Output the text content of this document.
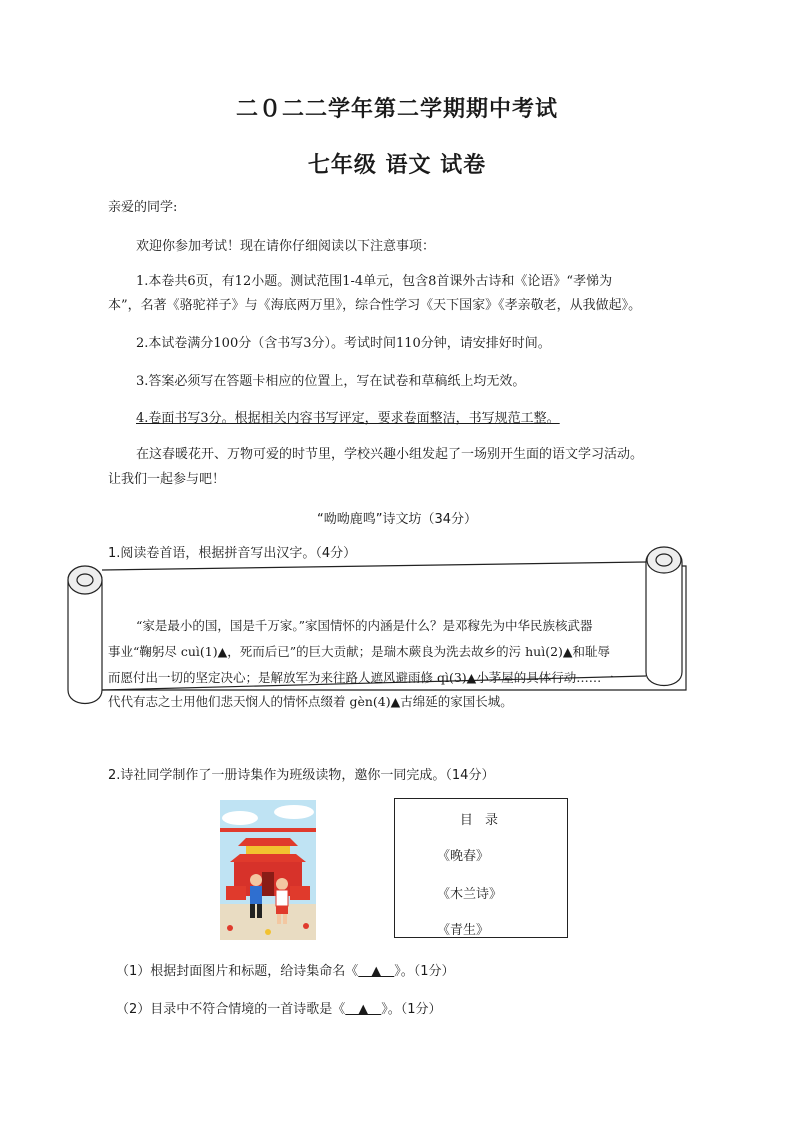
二０二二学年第二学期期中考试
七年级 语文 试卷
亲爱的同学:
欢迎你参加考试！现在请你仔细阅读以下注意事项：
1.本卷共6页，有12小题。测试范围1-4单元，包含8首课外古诗和《论语》“孝悌为
本”，名著《骆驼祥子》与《海底两万里》，综合性学习《天下国家》《孝亲敬老，从我做起》。
2.本试卷满分100分（含书写3分）。考试时间110分钟，请安排好时间。
3.答案必须写在答题卡相应的位置上，写在试卷和草稿纸上均无效。
4.卷面书写3分。根据相关内容书写评定，要求卷面整洁，书写规范工整。
在这春暖花开、万物可爱的时节里，学校兴趣小组发起了一场别开生面的语文学习活动。
让我们一起参与吧！
“呦呦鹿鸣”诗文坊（34分）
1.阅读卷首语，根据拼音写出汉字。（4分）
“家是最小的国，国是千万家。”家国情怀的内涵是什么？是邓稼先为中华民族核武器
事业“鞠躬尽 cuì(1)▲，死而后已”的巨大贡献；是瑞木蕨良为洗去故乡的污 huì(2)▲和耻辱
而愿付出一切的坚定决心；是解放军为来往路人遮风避雨修 qì(3)▲小茅屋的具体行动……一
代代有志之士用他们悲天悯人的情怀点缀着 gèn(4)▲古绵延的家国长城。
2.诗社同学制作了一册诗集作为班级读物，邀你一同完成。（14分）
目 录
《晚春》
《木兰诗》
《青生》
（1）根据封面图片和标题，给诗集命名《　▲　》。（1分）
（2）目录中不符合情境的一首诗歌是《　▲　》。（1分）
